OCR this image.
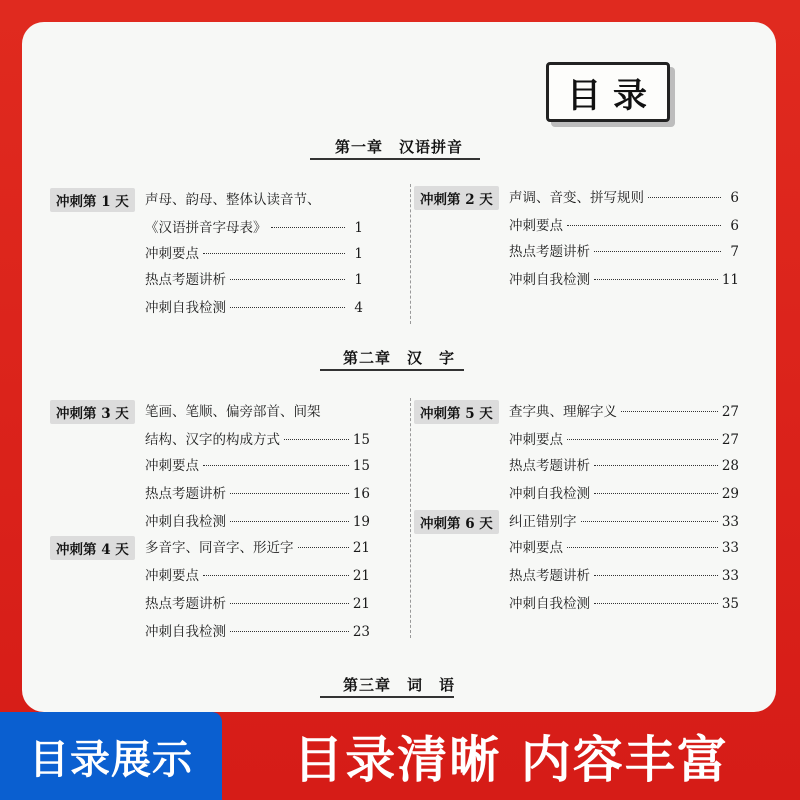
目录
第一章　汉语拼音
冲刺第 1 天	声母、韵母、整体认读音节、
《汉语拼音字母表》	1
冲刺要点	1
热点考题讲析	1
冲刺自我检测	4
冲刺第 2 天	声调、音变、拼写规则	6
冲刺要点	6
热点考题讲析	7
冲刺自我检测	11
第二章　汉　字
冲刺第 3 天	笔画、笔顺、偏旁部首、间架
结构、汉字的构成方式	15
冲刺要点	15
热点考题讲析	16
冲刺自我检测	19
冲刺第 4 天	多音字、同音字、形近字	21
冲刺要点	21
热点考题讲析	21
冲刺自我检测	23
冲刺第 5 天	查字典、理解字义	27
冲刺要点	27
热点考题讲析	28
冲刺自我检测	29
冲刺第 6 天	纠正错别字	33
冲刺要点	33
热点考题讲析	33
冲刺自我检测	35
第三章　词　语
目录展示 目录清晰 内容丰富
